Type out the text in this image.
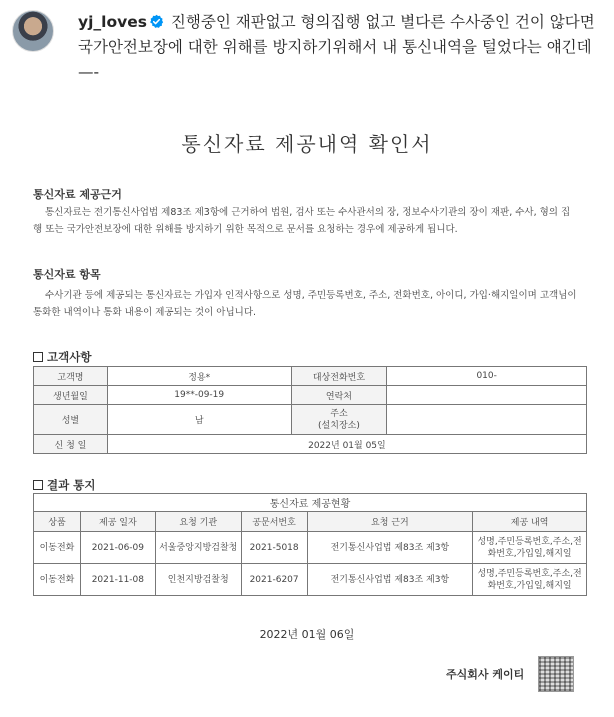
yj_loves 진행중인 재판없고 형의집행 없고 별다른 수사중인 건이 않다면 국가안전보장에 대한 위해를 방지하기위해서 내 통신내역을 털었다는 얘긴데—-
통신자료 제공내역 확인서
통신자료 제공근거
통신자료는 전기통신사업법 제83조 제3항에 근거하여 법원, 검사 또는 수사관서의 장, 정보수사기관의 장이 재판, 수사, 형의 집행 또는 국가안전보장에 대한 위해를 방지하기 위한 목적으로 문서를 요청하는 경우에 제공하게 됩니다.
통신자료 항목
수사기관 등에 제공되는 통신자료는 가입자 인적사항으로 성명, 주민등록번호, 주소, 전화번호, 아이디, 가입·해지일이며 고객님이 통화한 내역이나 통화 내용이 제공되는 것이 아닙니다.
고객사항
고객명	정용*	대상전화번호	010-
생년월일	19**-09-19	연락처	
성별	남	주소
(설치장소)	
신 청 일	2022년 01월 05일		
결과 통지
통신자료 제공현황					
상품	제공 일자	요청 기관	공문서번호	요청 근거	제공 내역
이동전화	2021-06-09	서울중앙지방검찰청	2021-5018	전기통신사업법 제83조 제3항	성명,주민등록번호,주소,전화번호,가입일,해지일
이동전화	2021-11-08	인천지방검찰청	2021-6207	전기통신사업법 제83조 제3항	성명,주민등록번호,주소,전화번호,가입일,해지일
2022년 01월 06일
주식회사 케이티
